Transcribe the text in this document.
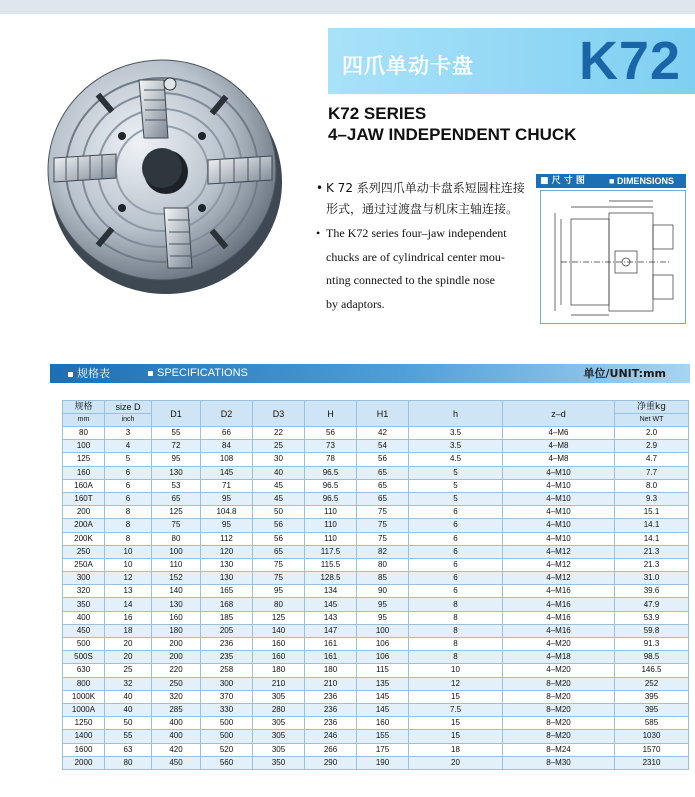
四爪单动卡盘 K72
K72 SERIES
4–JAW INDEPENDENT CHUCK
• K 72 系列四爪单动卡盘系短圆柱连接
形式，通过过渡盘与机床主轴连接。
• The K72 series four–jaw independent
chucks are of cylindrical center mou-
nting connected to the spindle nose
by adaptors.
■ 尺 寸 图	■ DIMENSIONS
规格表	SPECIFICATIONS	单位/UNIT:mm
规格	size D	D1	D2	D3	H	H1	h	z–d	净重kg
mm	inch								Net WT
80	3	55	66	22	56	42	3.5	4–M6	2.0
100	4	72	84	25	73	54	3.5	4–M8	2.9
125	5	95	108	30	78	56	4.5	4–M8	4.7
160	6	130	145	40	96.5	65	5	4–M10	7.7
160A	6	53	71	45	96.5	65	5	4–M10	8.0
160T	6	65	95	45	96.5	65	5	4–M10	9.3
200	8	125	104.8	50	110	75	6	4–M10	15.1
200A	8	75	95	56	110	75	6	4–M10	14.1
200K	8	80	112	56	110	75	6	4–M10	14.1
250	10	100	120	65	117.5	82	6	4–M12	21.3
250A	10	110	130	75	115.5	80	6	4–M12	21.3
300	12	152	130	75	128.5	85	6	4–M12	31.0
320	13	140	165	95	134	90	6	4–M16	39.6
350	14	130	168	80	145	95	8	4–M16	47.9
400	16	160	185	125	143	95	8	4–M16	53.9
450	18	180	205	140	147	100	8	4–M16	59.8
500	20	200	236	160	161	106	8	4–M20	91.3
500S	20	200	235	160	161	106	8	4–M18	98.5
630	25	220	258	180	180	115	10	4–M20	146.5
800	32	250	300	210	210	135	12	8–M20	252
1000K	40	320	370	305	236	145	15	8–M20	395
1000A	40	285	330	280	236	145	7.5	8–M20	395
1250	50	400	500	305	236	160	15	8–M20	585
1400	55	400	500	305	246	155	15	8–M20	1030
1600	63	420	520	305	266	175	18	8–M24	1570
2000	80	450	560	350	290	190	20	8–M30	2310
